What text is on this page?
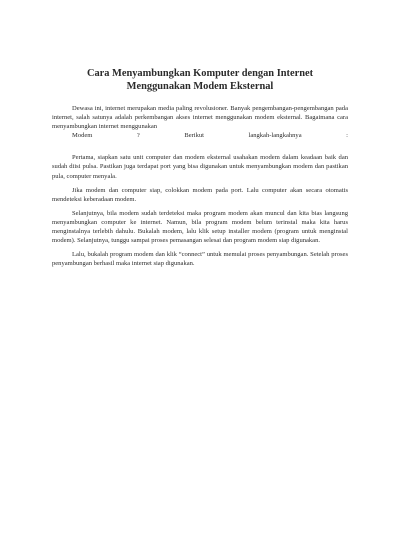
Cara Menyambungkan Komputer dengan Internet Menggunakan Modem Eksternal
Dewasa ini, internet merupakan media paling revolusioner. Banyak pengembangan-pengembangan pada internet, salah satunya adalah perkembangan akses internet menggunakan modem eksternal. Bagaimana cara menyambungkan internet menggunakan
Modem	?	Berikut	langkah-langkahnya	:

Pertama, siapkan satu unit computer dan modem eksternal usahakan modem dalam keadaan baik dan sudah diisi pulsa. Pastikan juga terdapat port yang bisa digunakan untuk menyambungkan modem dan pastikan pula, computer menyala.

Jika modem dan computer siap, colokkan modem pada port. Lalu computer akan secara otomatis mendeteksi keberadaan modem.

Selanjutnya, bila modem sudah terdeteksi maka program modem akan muncul dan kita bias langsung menyambungkan computer ke internet. Namun, bila program modem belum terinstal maka kita harus menginstalnya terlebih dahulu. Bukalah modem, lalu klik setup installer modem (program untuk menginstal modem). Selanjutnya, tunggu sampai proses pemasangan selesai dan program modem siap digunakan.

Lalu, bukalah program modem dan klik “connect” untuk memulai proses penyambungan. Setelah proses penyambungan berhasil maka internet siap digunakan.
